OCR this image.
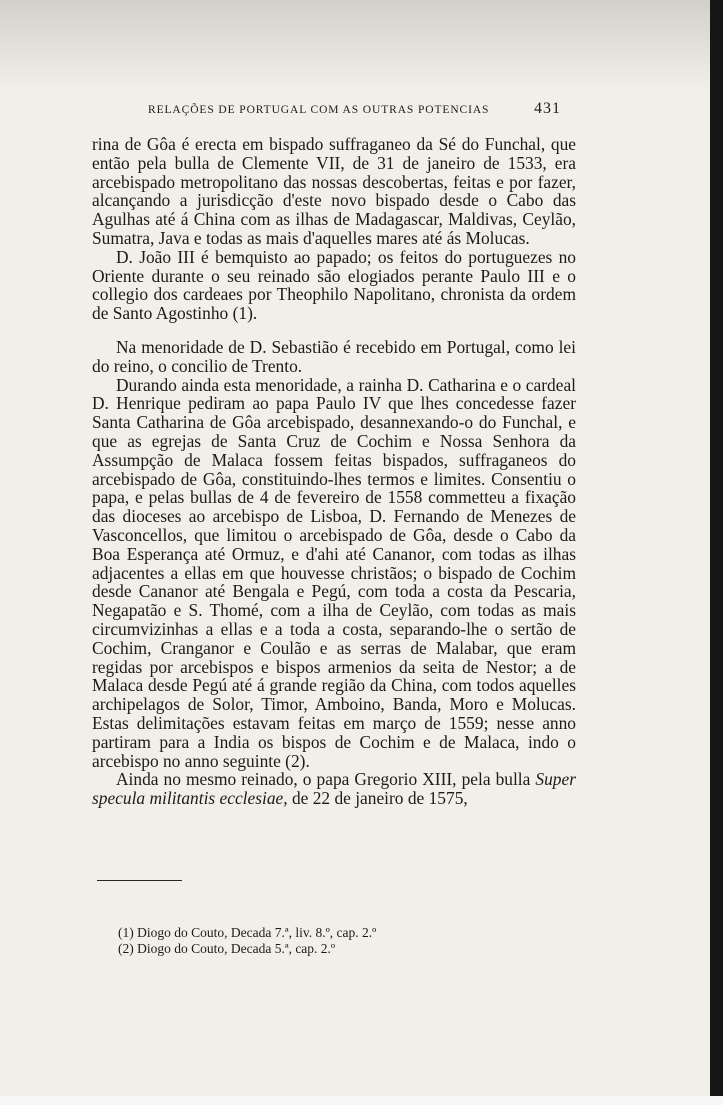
RELAÇÕES DE PORTUGAL COM AS OUTRAS POTENCIAS	431

rina de Gôa é erecta em bispado suffraganeo da Sé do Funchal, que então pela bulla de Clemente VII, de 31 de janeiro de 1533, era arcebispado metropolitano das nossas descobertas, feitas e por fazer, alcançando a jurisdicção d'este novo bispado desde o Cabo das Agulhas até á China com as ilhas de Madagascar, Maldivas, Ceylão, Sumatra, Java e todas as mais d'aquelles mares até ás Molucas.

D. João III é bemquisto ao papado; os feitos do portuguezes no Oriente durante o seu reinado são elogiados perante Paulo III e o collegio dos cardeaes por Theophilo Napolitano, chronista da ordem de Santo Agostinho (1).

Na menoridade de D. Sebastião é recebido em Portugal, como lei do reino, o concilio de Trento.

Durando ainda esta menoridade, a rainha D. Catharina e o cardeal D. Henrique pediram ao papa Paulo IV que lhes concedesse fazer Santa Catharina de Gôa arcebispado, desannexando-o do Funchal, e que as egrejas de Santa Cruz de Cochim e Nossa Senhora da Assumpção de Malaca fossem feitas bispados, suffraganeos do arcebispado de Gôa, constituindo-lhes termos e limites. Consentiu o papa, e pelas bullas de 4 de fevereiro de 1558 commetteu a fixação das dioceses ao arcebispo de Lisboa, D. Fernando de Menezes de Vasconcellos, que limitou o arcebispado de Gôa, desde o Cabo da Boa Esperança até Ormuz, e d'ahi até Cananor, com todas as ilhas adjacentes a ellas em que houvesse christãos; o bispado de Cochim desde Cananor até Bengala e Pegú, com toda a costa da Pescaria, Negapatão e S. Thomé, com a ilha de Ceylão, com todas as mais circumvizinhas a ellas e a toda a costa, separando-lhe o sertão de Cochim, Cranganor e Coulão e as serras de Malabar, que eram regidas por arcebispos e bispos armenios da seita de Nestor; a de Malaca desde Pegú até á grande região da China, com todos aquelles archipelagos de Solor, Timor, Amboino, Banda, Moro e Molucas. Estas delimitações estavam feitas em março de 1559; nesse anno partiram para a India os bispos de Cochim e de Malaca, indo o arcebispo no anno seguinte (2).

Ainda no mesmo reinado, o papa Gregorio XIII, pela bulla Super specula militantis ecclesiae, de 22 de janeiro de 1575,

(1) Diogo do Couto, Decada 7.ª, liv. 8.º, cap. 2.º
(2) Diogo do Couto, Decada 5.ª, cap. 2.º
